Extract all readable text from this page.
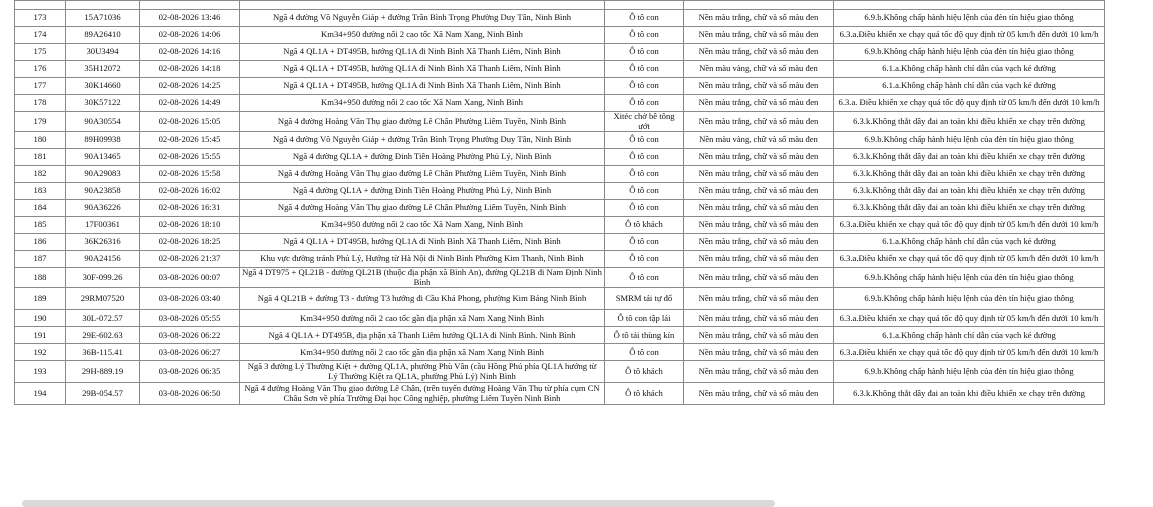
173	15A71036	02-08-2026 13:46	Ngã 4 đường Võ Nguyễn Giáp + đường Trần Bình Trọng Phường Duy Tân, Ninh Bình	Ô tô con	Nền màu trắng, chữ và số màu đen	6.9.b.Không chấp hành hiệu lệnh của đèn tín hiệu giao thông
174	89A26410	02-08-2026 14:06	Km34+950 đường nối 2 cao tốc Xã Nam Xang, Ninh Bình	Ô tô con	Nền màu trắng, chữ và số màu đen	6.3.a.Điều khiển xe chạy quá tốc độ quy định từ 05 km/h đến dưới 10 km/h
175	30U3494	02-08-2026 14:16	Ngã 4 QL1A + DT495B, hướng QL1A đi Ninh Bình Xã Thanh Liêm, Ninh Bình	Ô tô con	Nền màu trắng, chữ và số màu đen	6.9.b.Không chấp hành hiệu lệnh của đèn tín hiệu giao thông
176	35H12072	02-08-2026 14:18	Ngã 4 QL1A + DT495B, hướng QL1A đi Ninh Bình Xã Thanh Liêm, Ninh Bình	Ô tô con	Nền màu vàng, chữ và số màu đen	6.1.a.Không chấp hành chỉ dẫn của vạch kẻ đường
177	30K14660	02-08-2026 14:25	Ngã 4 QL1A + DT495B, hướng QL1A đi Ninh Bình Xã Thanh Liêm, Ninh Bình	Ô tô con	Nền màu trắng, chữ và số màu đen	6.1.a.Không chấp hành chỉ dẫn của vạch kẻ đường
178	30K57122	02-08-2026 14:49	Km34+950 đường nối 2 cao tốc Xã Nam Xang, Ninh Bình	Ô tô con	Nền màu trắng, chữ và số màu đen	6.3.a. Điều khiển xe chạy quá tốc độ quy định từ 05 km/h đến dưới 10 km/h
179	90A30554	02-08-2026 15:05	Ngã 4 đường Hoàng Văn Thụ giao đường Lê Chân Phường Liêm Tuyền, Ninh Bình	Xitéc chở bê tông ướt	Nền màu trắng, chữ và số màu đen	6.3.k.Không thắt dây đai an toàn khi điều khiển xe chạy trên đường
180	89H09938	02-08-2026 15:45	Ngã 4 đường Võ Nguyễn Giáp + đường Trần Bình Trọng Phường Duy Tân, Ninh Bình	Ô tô con	Nền màu vàng, chữ và số màu đen	6.9.b.Không chấp hành hiệu lệnh của đèn tín hiệu giao thông
181	90A13465	02-08-2026 15:55	Ngã 4 đường QL1A + đường Đinh Tiên Hoàng Phường Phủ Lý, Ninh Bình	Ô tô con	Nền màu trắng, chữ và số màu đen	6.3.k.Không thắt dây đai an toàn khi điều khiển xe chạy trên đường
182	90A29083	02-08-2026 15:58	Ngã 4 đường Hoàng Văn Thụ giao đường Lê Chân Phường Liêm Tuyền, Ninh Bình	Ô tô con	Nền màu trắng, chữ và số màu đen	6.3.k.Không thắt dây đai an toàn khi điều khiển xe chạy trên đường
183	90A23858	02-08-2026 16:02	Ngã 4 đường QL1A + đường Đinh Tiên Hoàng Phường Phủ Lý, Ninh Bình	Ô tô con	Nền màu trắng, chữ và số màu đen	6.3.k.Không thắt dây đai an toàn khi điều khiển xe chạy trên đường
184	90A36226	02-08-2026 16:31	Ngã 4 đường Hoàng Văn Thụ giao đường Lê Chân Phường Liêm Tuyền, Ninh Bình	Ô tô con	Nền màu trắng, chữ và số màu đen	6.3.k.Không thắt dây đai an toàn khi điều khiển xe chạy trên đường
185	17F00361	02-08-2026 18:10	Km34+950 đường nối 2 cao tốc Xã Nam Xang, Ninh Bình	Ô tô khách	Nền màu trắng, chữ và số màu đen	6.3.a.Điều khiển xe chạy quá tốc độ quy định từ 05 km/h đến dưới 10 km/h
186	36K26316	02-08-2026 18:25	Ngã 4 QL1A + DT495B, hướng QL1A đi Ninh Bình Xã Thanh Liêm, Ninh Bình	Ô tô con	Nền màu trắng, chữ và số màu đen	6.1.a.Không chấp hành chỉ dẫn của vạch kẻ đường
187	90A24156	02-08-2026 21:37	Khu vực đường tránh Phủ Lý, Hướng từ Hà Nội đi Ninh Bình Phường Kim Thanh, Ninh Bình	Ô tô con	Nền màu trắng, chữ và số màu đen	6.3.a.Điều khiển xe chạy quá tốc độ quy định từ 05 km/h đến dưới 10 km/h
188	30F-099.26	03-08-2026 00:07	Ngã 4 DT975 + QL21B - đường QL21B (thuộc địa phận xã Bình An), đường QL21B đi Nam Định Ninh Bình	Ô tô con	Nền màu trắng, chữ và số màu đen	6.9.b.Không chấp hành hiệu lệnh của đèn tín hiệu giao thông
189	29RM07520	03-08-2026 03:40	Ngã 4 QL21B + đường T3 - đường T3 hướng đi Cầu Khả Phong, phường Kim Bảng Ninh Bình	SMRM tải tự đổ	Nền màu trắng, chữ và số màu đen	6.9.b.Không chấp hành hiệu lệnh của đèn tín hiệu giao thông
190	30L-072.57	03-08-2026 05:55	Km34+950 đường nối 2 cao tốc gần địa phận xã Nam Xang Ninh Bình	Ô tô con tập lái	Nền màu trắng, chữ và số màu đen	6.3.a.Điều khiển xe chạy quá tốc độ quy định từ 05 km/h đến dưới 10 km/h
191	29E-602.63	03-08-2026 06:22	Ngã 4 QL1A + DT495B, địa phận xã Thanh Liêm hướng QL1A đi Ninh Bình. Ninh Bình	Ô tô tải thùng kín	Nền màu trắng, chữ và số màu đen	6.1.a.Không chấp hành chỉ dẫn của vạch kẻ đường
192	36B-115.41	03-08-2026 06:27	Km34+950 đường nối 2 cao tốc gần địa phận xã Nam Xang Ninh Bình	Ô tô con	Nền màu trắng, chữ và số màu đen	6.3.a.Điều khiển xe chạy quá tốc độ quy định từ 05 km/h đến dưới 10 km/h
193	29H-889.19	03-08-2026 06:35	Ngã 3 đường Lý Thường Kiệt + đường QL1A, phường Phù Vân (cầu Hồng Phú phía QL1A hướng từ Lý Thường Kiệt ra QL1A, phường Phủ Lý) Ninh Bình	Ô tô khách	Nền màu trắng, chữ và số màu đen	6.9.b.Không chấp hành hiệu lệnh của đèn tín hiệu giao thông
194	29B-054.57	03-08-2026 06:50	Ngã 4 đường Hoàng Văn Thụ giao đường Lê Chân, (trên tuyến đường Hoàng Văn Thụ từ phía cụm CN Châu Sơn về phía Trường Đại học Công nghiệp, phường Liêm Tuyền Ninh Bình	Ô tô khách	Nền màu trắng, chữ và số màu đen	6.3.k.Không thắt dây đai an toàn khi điều khiển xe chạy trên đường
